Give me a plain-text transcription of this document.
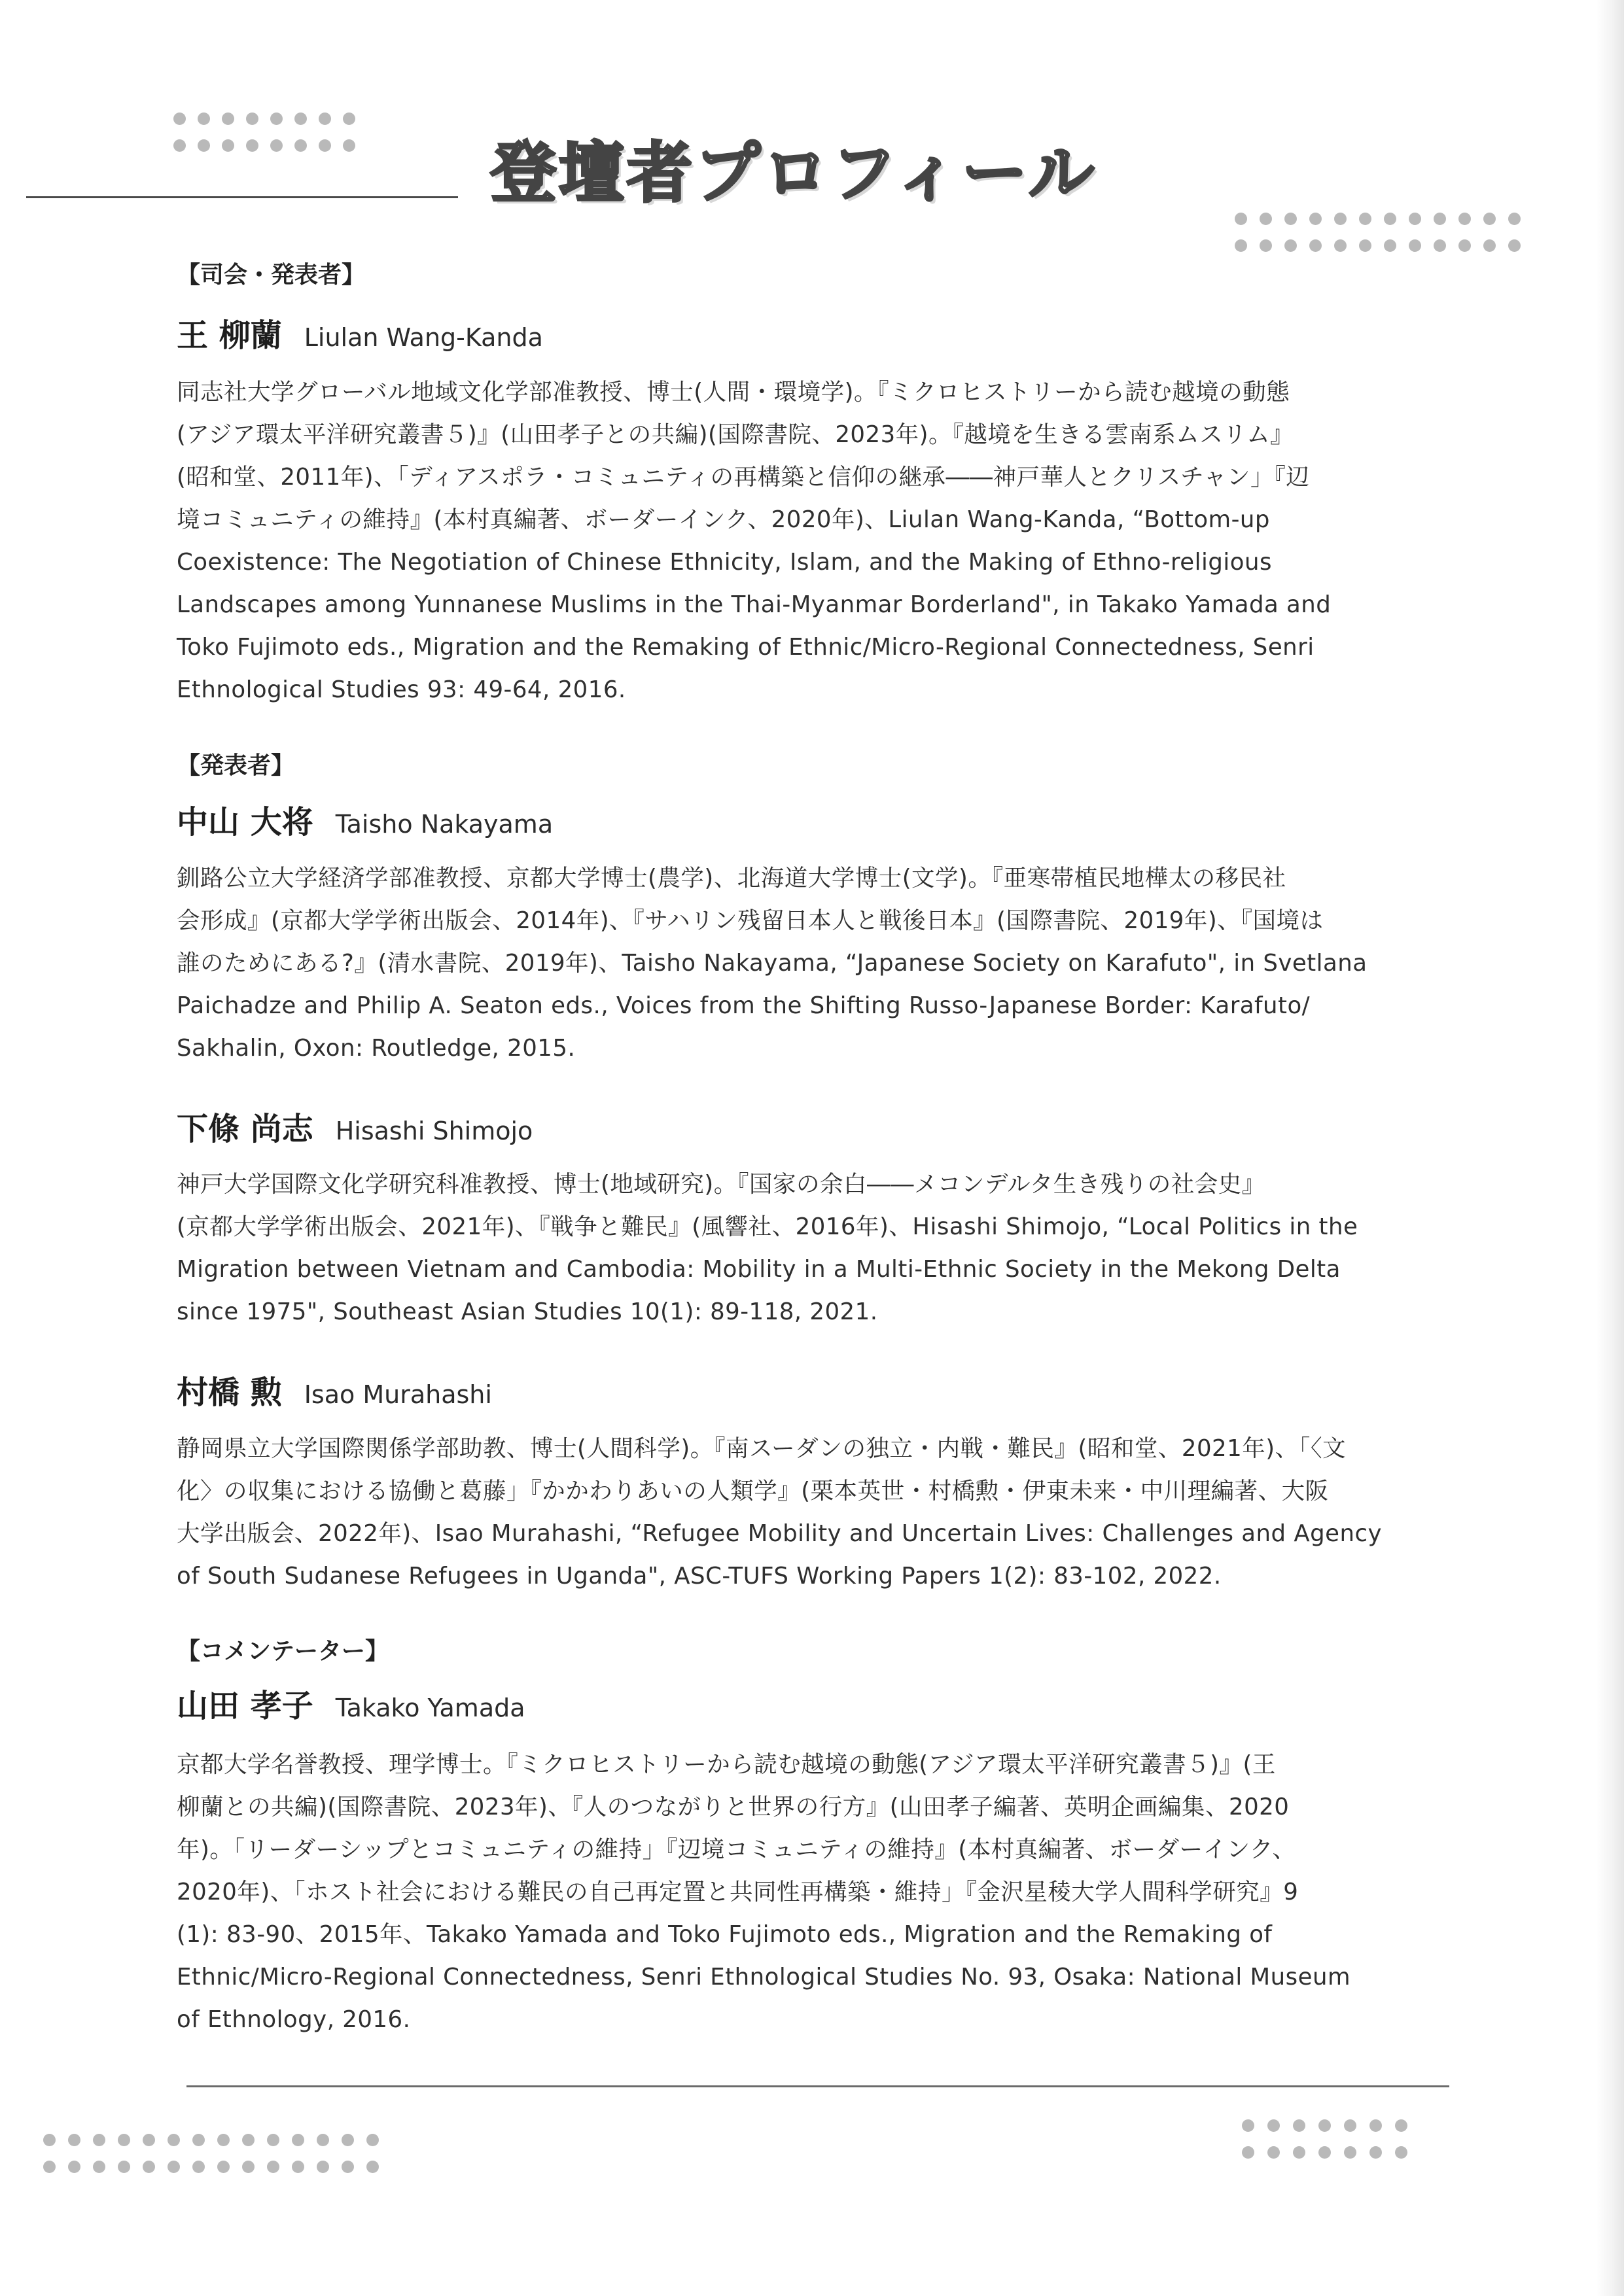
登壇者プロフィール
【司会・発表者】
王 柳蘭 Liulan Wang-Kanda
同志社大学グローバル地域文化学部准教授、博士(人間・環境学)。『ミクロヒストリーから読む越境の動態
(アジア環太平洋研究叢書５)』(山田孝子との共編)(国際書院、2023年)。『越境を生きる雲南系ムスリム』
(昭和堂、2011年)、「ディアスポラ・コミュニティの再構築と信仰の継承――神戸華人とクリスチャン」『辺
境コミュニティの維持』(本村真編著、ボーダーインク、2020年)、Liulan Wang-Kanda, “Bottom-up
Coexistence: The Negotiation of Chinese Ethnicity, Islam, and the Making of Ethno-religious
Landscapes among Yunnanese Muslims in the Thai-Myanmar Borderland", in Takako Yamada and
Toko Fujimoto eds., Migration and the Remaking of Ethnic/Micro-Regional Connectedness, Senri
Ethnological Studies 93: 49-64, 2016.
【発表者】
中山 大将 Taisho Nakayama
釧路公立大学経済学部准教授、京都大学博士(農学)、北海道大学博士(文学)。『亜寒帯植民地樺太の移民社
会形成』(京都大学学術出版会、2014年)、『サハリン残留日本人と戦後日本』(国際書院、2019年)、『国境は
誰のためにある?』(清水書院、2019年)、Taisho Nakayama, “Japanese Society on Karafuto", in Svetlana
Paichadze and Philip A. Seaton eds., Voices from the Shifting Russo-Japanese Border: Karafuto/
Sakhalin, Oxon: Routledge, 2015.
下條 尚志 Hisashi Shimojo
神戸大学国際文化学研究科准教授、博士(地域研究)。『国家の余白――メコンデルタ生き残りの社会史』
(京都大学学術出版会、2021年)、『戦争と難民』(風響社、2016年)、Hisashi Shimojo, “Local Politics in the
Migration between Vietnam and Cambodia: Mobility in a Multi-Ethnic Society in the Mekong Delta
since 1975", Southeast Asian Studies 10(1): 89-118, 2021.
村橋 勲 Isao Murahashi
静岡県立大学国際関係学部助教、博士(人間科学)。『南スーダンの独立・内戦・難民』(昭和堂、2021年)、「〈文
化〉の収集における協働と葛藤」『かかわりあいの人類学』(栗本英世・村橋勲・伊東未来・中川理編著、大阪
大学出版会、2022年)、Isao Murahashi, “Refugee Mobility and Uncertain Lives: Challenges and Agency
of South Sudanese Refugees in Uganda", ASC-TUFS Working Papers 1(2): 83-102, 2022.
【コメンテーター】
山田 孝子 Takako Yamada
京都大学名誉教授、理学博士。『ミクロヒストリーから読む越境の動態(アジア環太平洋研究叢書５)』(王
柳蘭との共編)(国際書院、2023年)、『人のつながりと世界の行方』(山田孝子編著、英明企画編集、2020
年)。「リーダーシップとコミュニティの維持」『辺境コミュニティの維持』(本村真編著、ボーダーインク、
2020年)、「ホスト社会における難民の自己再定置と共同性再構築・維持」『金沢星稜大学人間科学研究』9
(1): 83-90、2015年、Takako Yamada and Toko Fujimoto eds., Migration and the Remaking of
Ethnic/Micro-Regional Connectedness, Senri Ethnological Studies No. 93, Osaka: National Museum
of Ethnology, 2016.
